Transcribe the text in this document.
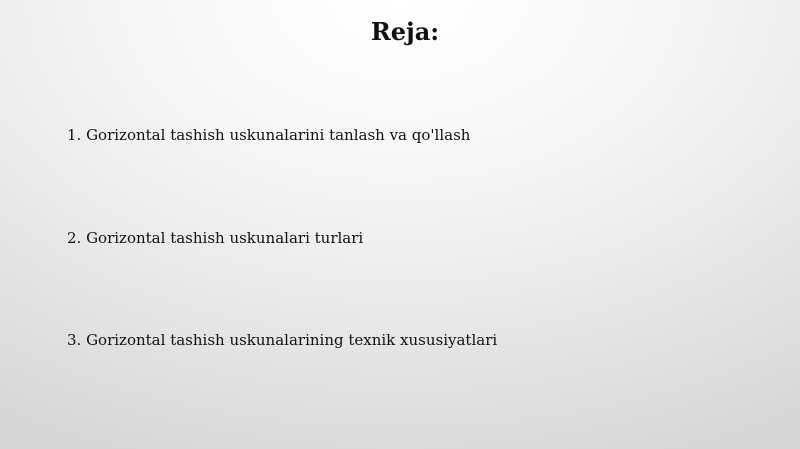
Reja:
1. Gorizontal tashish uskunalarini tanlash va qo'llash
2. Gorizontal tashish uskunalari turlari
3. Gorizontal tashish uskunalarining texnik xususiyatlari
